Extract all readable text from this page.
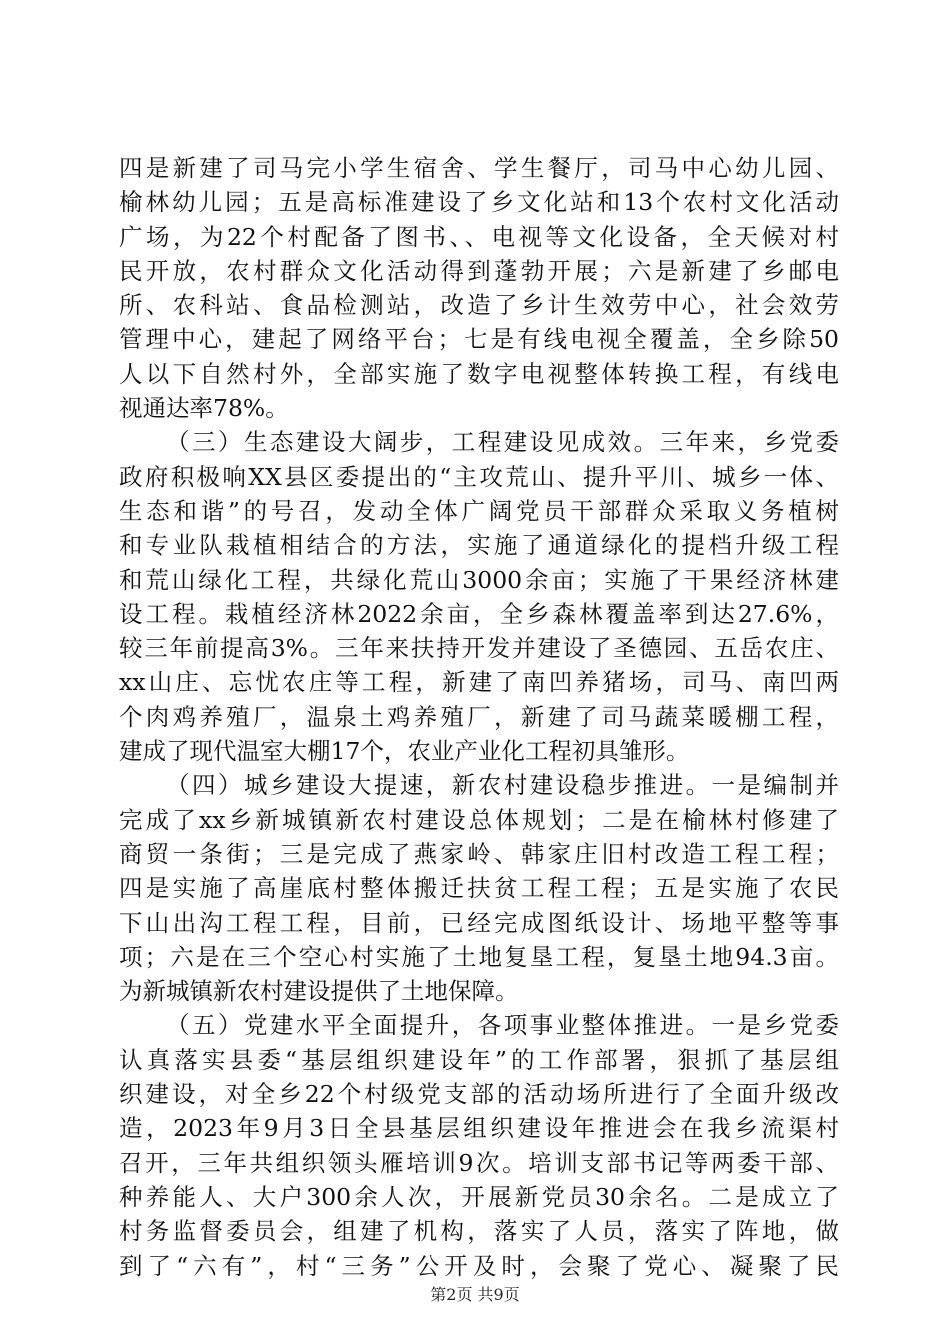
四是新建了司马完小学生宿舍、学生餐厅，司马中心幼儿园、
榆林幼儿园；五是高标准建设了乡文化站和13个农村文化活动
广场，为22个村配备了图书、、电视等文化设备，全天候对村
民开放，农村群众文化活动得到蓬勃开展；六是新建了乡邮电
所、农科站、食品检测站，改造了乡计生效劳中心，社会效劳
管理中心，建起了网络平台；七是有线电视全覆盖，全乡除50
人以下自然村外，全部实施了数字电视整体转换工程，有线电
视通达率78%。
（三）生态建设大阔步，工程建设见成效。三年来，乡党委
政府积极响XX县区委提出的“主攻荒山、提升平川、城乡一体、
生态和谐”的号召，发动全体广阔党员干部群众采取义务植树
和专业队栽植相结合的方法，实施了通道绿化的提档升级工程
和荒山绿化工程，共绿化荒山3000余亩；实施了干果经济林建
设工程。栽植经济林2022余亩，全乡森林覆盖率到达27.6%，
较三年前提高3%。三年来扶持开发并建设了圣德园、五岳农庄、
xx山庄、忘忧农庄等工程，新建了南凹养猪场，司马、南凹两
个肉鸡养殖厂，温泉土鸡养殖厂，新建了司马蔬菜暖棚工程，
建成了现代温室大棚17个，农业产业化工程初具雏形。
（四）城乡建设大提速，新农村建设稳步推进。一是编制并
完成了xx乡新城镇新农村建设总体规划；二是在榆林村修建了
商贸一条街；三是完成了燕家岭、韩家庄旧村改造工程工程；
四是实施了高崖底村整体搬迁扶贫工程工程；五是实施了农民
下山出沟工程工程，目前，已经完成图纸设计、场地平整等事
项；六是在三个空心村实施了土地复垦工程，复垦土地94.3亩。
为新城镇新农村建设提供了土地保障。
（五）党建水平全面提升，各项事业整体推进。一是乡党委
认真落实县委“基层组织建设年”的工作部署，狠抓了基层组
织建设，对全乡22个村级党支部的活动场所进行了全面升级改
造，2023年9月3日全县基层组织建设年推进会在我乡流渠村
召开，三年共组织领头雁培训9次。培训支部书记等两委干部、
种养能人、大户300余人次，开展新党员30余名。二是成立了
村务监督委员会，组建了机构，落实了人员，落实了阵地，做
到了“六有”，村“三务”公开及时，会聚了党心、凝聚了民
第2页 共9页
